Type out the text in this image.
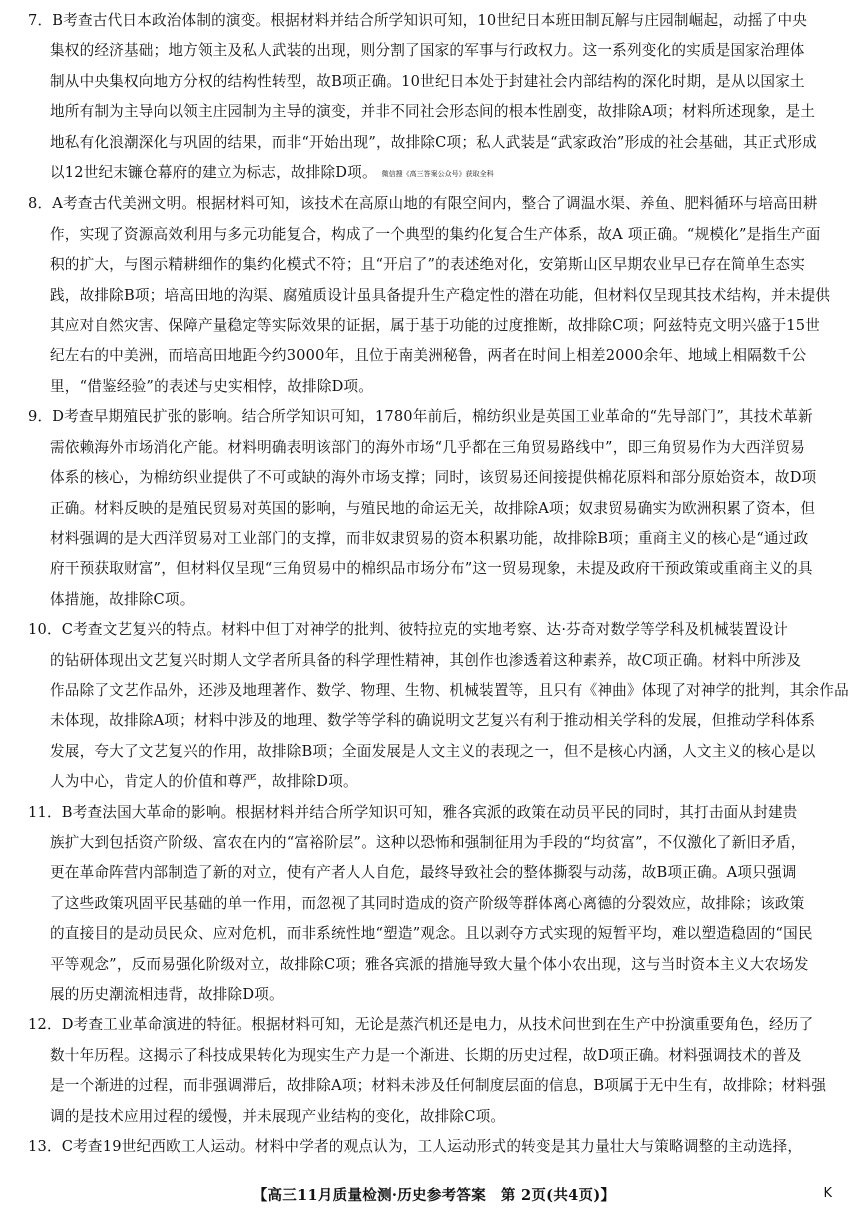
7．B考查古代日本政治体制的演变。根据材料并结合所学知识可知，10世纪日本班田制瓦解与庄园制崛起，动摇了中央

集权的经济基础；地方领主及私人武装的出现，则分割了国家的军事与行政权力。这一系列变化的实质是国家治理体

制从中央集权向地方分权的结构性转型，故B项正确。10世纪日本处于封建社会内部结构的深化时期，是从以国家土

地所有制为主导向以领主庄园制为主导的演变，并非不同社会形态间的根本性剧变，故排除A项；材料所述现象，是土

地私有化浪潮深化与巩固的结果，而非“开始出现”，故排除C项；私人武装是“武家政治”形成的社会基础，其正式形成

以12世纪末镰仓幕府的建立为标志，故排除D项。 微信搜《高三答案公众号》获取全科

8．A考查古代美洲文明。根据材料可知，该技术在高原山地的有限空间内，整合了调温水渠、养鱼、肥料循环与培高田耕

作，实现了资源高效利用与多元功能复合，构成了一个典型的集约化复合生产体系，故A 项正确。“规模化”是指生产面

积的扩大，与图示精耕细作的集约化模式不符；且“开启了”的表述绝对化，安第斯山区早期农业早已存在简单生态实

践，故排除B项；培高田地的沟渠、腐殖质设计虽具备提升生产稳定性的潜在功能，但材料仅呈现其技术结构，并未提供

其应对自然灾害、保障产量稳定等实际效果的证据，属于基于功能的过度推断，故排除C项；阿兹特克文明兴盛于15世

纪左右的中美洲，而培高田地距今约3000年，且位于南美洲秘鲁，两者在时间上相差2000余年、地域上相隔数千公

里，“借鉴经验”的表述与史实相悖，故排除D项。

9．D考查早期殖民扩张的影响。结合所学知识可知，1780年前后，棉纺织业是英国工业革命的“先导部门”，其技术革新

需依赖海外市场消化产能。材料明确表明该部门的海外市场“几乎都在三角贸易路线中”，即三角贸易作为大西洋贸易

体系的核心，为棉纺织业提供了不可或缺的海外市场支撑；同时，该贸易还间接提供棉花原料和部分原始资本，故D项

正确。材料反映的是殖民贸易对英国的影响，与殖民地的命运无关，故排除A项；奴隶贸易确实为欧洲积累了资本，但

材料强调的是大西洋贸易对工业部门的支撑，而非奴隶贸易的资本积累功能，故排除B项；重商主义的核心是“通过政

府干预获取财富”，但材料仅呈现“三角贸易中的棉织品市场分布”这一贸易现象，未提及政府干预政策或重商主义的具

体措施，故排除C项。

10．C考查文艺复兴的特点。材料中但丁对神学的批判、彼特拉克的实地考察、达·芬奇对数学等学科及机械装置设计

的钻研体现出文艺复兴时期人文学者所具备的科学理性精神，其创作也渗透着这种素养，故C项正确。材料中所涉及

作品除了文艺作品外，还涉及地理著作、数学、物理、生物、机械装置等，且只有《神曲》体现了对神学的批判，其余作品

未体现，故排除A项；材料中涉及的地理、数学等学科的确说明文艺复兴有利于推动相关学科的发展，但推动学科体系

发展，夸大了文艺复兴的作用，故排除B项；全面发展是人文主义的表现之一，但不是核心内涵，人文主义的核心是以

人为中心，肯定人的价值和尊严，故排除D项。

11．B考查法国大革命的影响。根据材料并结合所学知识可知，雅各宾派的政策在动员平民的同时，其打击面从封建贵

族扩大到包括资产阶级、富农在内的“富裕阶层”。这种以恐怖和强制征用为手段的“均贫富”，不仅激化了新旧矛盾，

更在革命阵营内部制造了新的对立，使有产者人人自危，最终导致社会的整体撕裂与动荡，故B项正确。A项只强调

了这些政策巩固平民基础的单一作用，而忽视了其同时造成的资产阶级等群体离心离德的分裂效应，故排除；该政策

的直接目的是动员民众、应对危机，而非系统性地“塑造”观念。且以剥夺方式实现的短暂平均，难以塑造稳固的“国民

平等观念”，反而易强化阶级对立，故排除C项；雅各宾派的措施导致大量个体小农出现，这与当时资本主义大农场发

展的历史潮流相违背，故排除D项。

12．D考查工业革命演进的特征。根据材料可知，无论是蒸汽机还是电力，从技术问世到在生产中扮演重要角色，经历了

数十年历程。这揭示了科技成果转化为现实生产力是一个渐进、长期的历史过程，故D项正确。材料强调技术的普及

是一个渐进的过程，而非强调滞后，故排除A项；材料未涉及任何制度层面的信息，B项属于无中生有，故排除；材料强

调的是技术应用过程的缓慢，并未展现产业结构的变化，故排除C项。

13．C考查19世纪西欧工人运动。材料中学者的观点认为，工人运动形式的转变是其力量壮大与策略调整的主动选择，

【高三11月质量检测·历史参考答案　第 2页(共4页)】	K
